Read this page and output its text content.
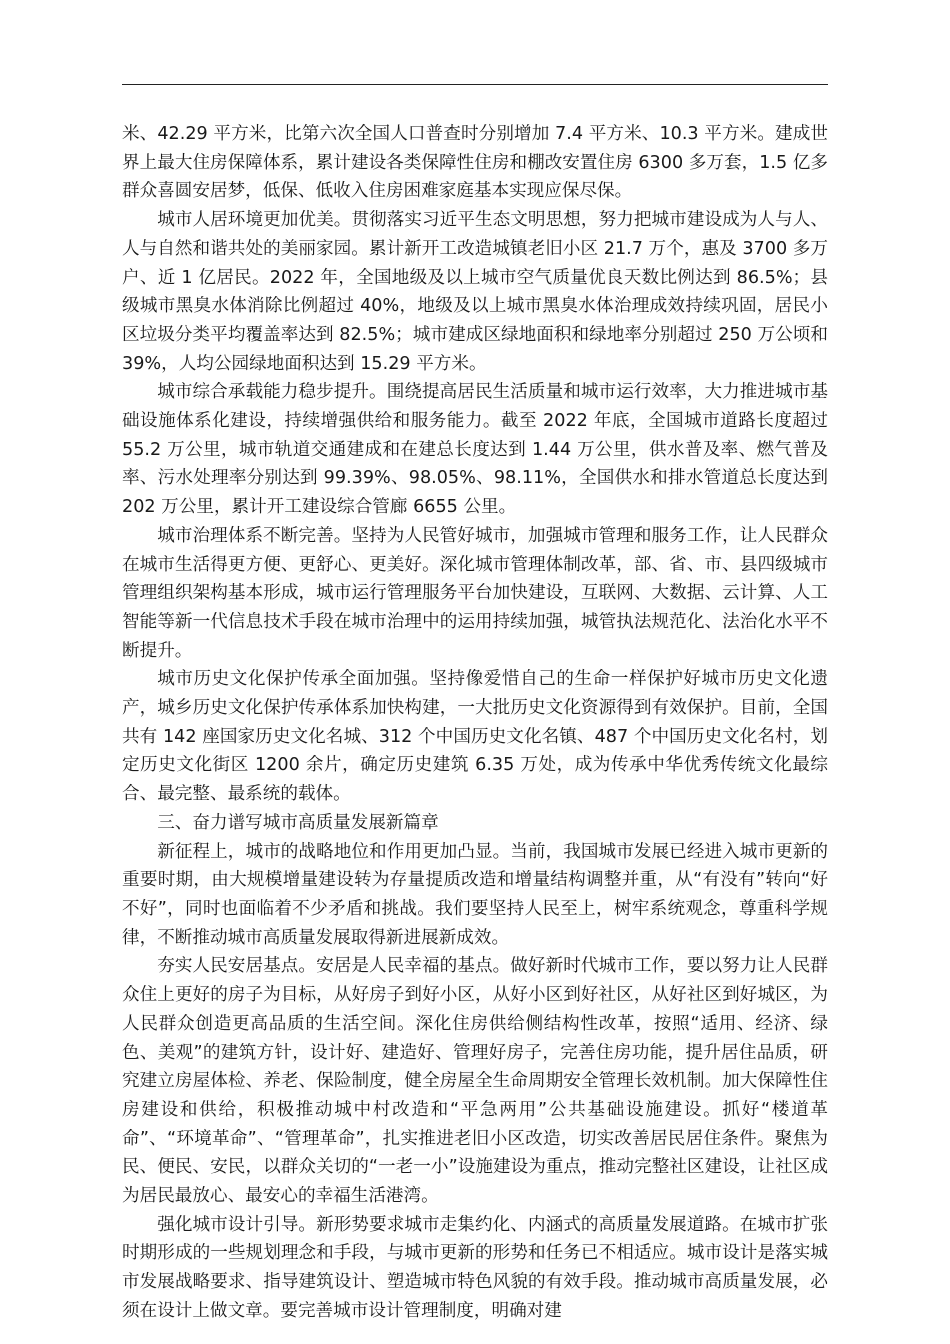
米、42.29 平方米，比第六次全国人口普查时分别增加 7.4 平方米、10.3 平方米。建成世界上最大住房保障体系，累计建设各类保障性住房和棚改安置住房 6300 多万套，1.5 亿多群众喜圆安居梦，低保、低收入住房困难家庭基本实现应保尽保。

城市人居环境更加优美。贯彻落实习近平生态文明思想，努力把城市建设成为人与人、人与自然和谐共处的美丽家园。累计新开工改造城镇老旧小区 21.7 万个，惠及 3700 多万户、近 1 亿居民。2022 年，全国地级及以上城市空气质量优良天数比例达到 86.5%；县级城市黑臭水体消除比例超过 40%，地级及以上城市黑臭水体治理成效持续巩固，居民小区垃圾分类平均覆盖率达到 82.5%；城市建成区绿地面积和绿地率分别超过 250 万公顷和 39%，人均公园绿地面积达到 15.29 平方米。

城市综合承载能力稳步提升。围绕提高居民生活质量和城市运行效率，大力推进城市基础设施体系化建设，持续增强供给和服务能力。截至 2022 年底，全国城市道路长度超过 55.2 万公里，城市轨道交通建成和在建总长度达到 1.44 万公里，供水普及率、燃气普及率、污水处理率分别达到 99.39%、98.05%、98.11%，全国供水和排水管道总长度达到 202 万公里，累计开工建设综合管廊 6655 公里。

城市治理体系不断完善。坚持为人民管好城市，加强城市管理和服务工作，让人民群众在城市生活得更方便、更舒心、更美好。深化城市管理体制改革，部、省、市、县四级城市管理组织架构基本形成，城市运行管理服务平台加快建设，互联网、大数据、云计算、人工智能等新一代信息技术手段在城市治理中的运用持续加强，城管执法规范化、法治化水平不断提升。

城市历史文化保护传承全面加强。坚持像爱惜自己的生命一样保护好城市历史文化遗产，城乡历史文化保护传承体系加快构建，一大批历史文化资源得到有效保护。目前，全国共有 142 座国家历史文化名城、312 个中国历史文化名镇、487 个中国历史文化名村，划定历史文化街区 1200 余片，确定历史建筑 6.35 万处，成为传承中华优秀传统文化最综合、最完整、最系统的载体。

三、奋力谱写城市高质量发展新篇章

新征程上，城市的战略地位和作用更加凸显。当前，我国城市发展已经进入城市更新的重要时期，由大规模增量建设转为存量提质改造和增量结构调整并重，从“有没有”转向“好不好”，同时也面临着不少矛盾和挑战。我们要坚持人民至上，树牢系统观念，尊重科学规律，不断推动城市高质量发展取得新进展新成效。

夯实人民安居基点。安居是人民幸福的基点。做好新时代城市工作，要以努力让人民群众住上更好的房子为目标，从好房子到好小区，从好小区到好社区，从好社区到好城区，为人民群众创造更高品质的生活空间。深化住房供给侧结构性改革，按照“适用、经济、绿色、美观”的建筑方针，设计好、建造好、管理好房子，完善住房功能，提升居住品质，研究建立房屋体检、养老、保险制度，健全房屋全生命周期安全管理长效机制。加大保障性住房建设和供给，积极推动城中村改造和“平急两用”公共基础设施建设。抓好“楼道革命”、“环境革命”、“管理革命”，扎实推进老旧小区改造，切实改善居民居住条件。聚焦为民、便民、安民，以群众关切的“一老一小”设施建设为重点，推动完整社区建设，让社区成为居民最放心、最安心的幸福生活港湾。

强化城市设计引导。新形势要求城市走集约化、内涵式的高质量发展道路。在城市扩张时期形成的一些规划理念和手段，与城市更新的形势和任务已不相适应。城市设计是落实城市发展战略要求、指导建筑设计、塑造城市特色风貌的有效手段。推动城市高质量发展，必须在设计上做文章。要完善城市设计管理制度，明确对建
